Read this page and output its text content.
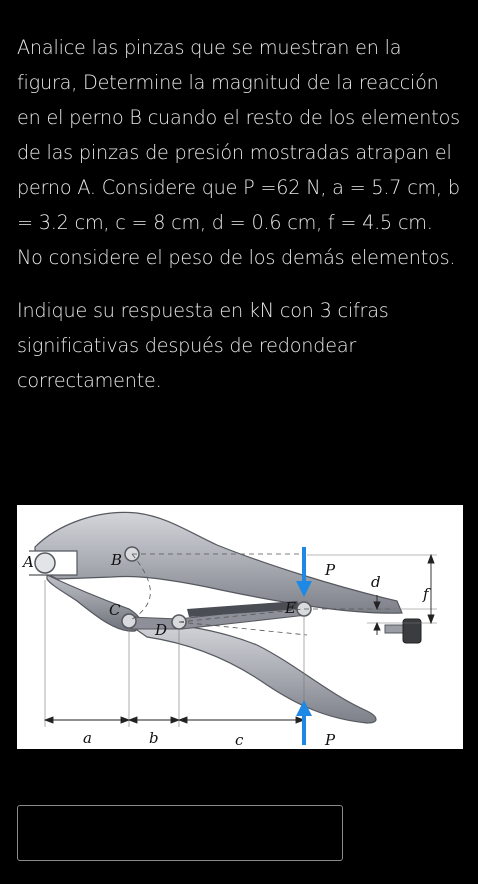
Analice las pinzas que se muestran en la figura, Determine la magnitud de la reacción en el perno B cuando el resto de los elementos de las pinzas de presión mostradas atrapan el perno A. Considere que P =62 N, a = 5.7 cm, b = 3.2 cm, c = 8 cm, d = 0.6 cm, f = 4.5 cm. No considere el peso de los demás elementos.

Indique su respuesta en kN con 3 cifras significativas después de redondear correctamente.

A	B
C
D
E
P
P
d
f
a	b	c
